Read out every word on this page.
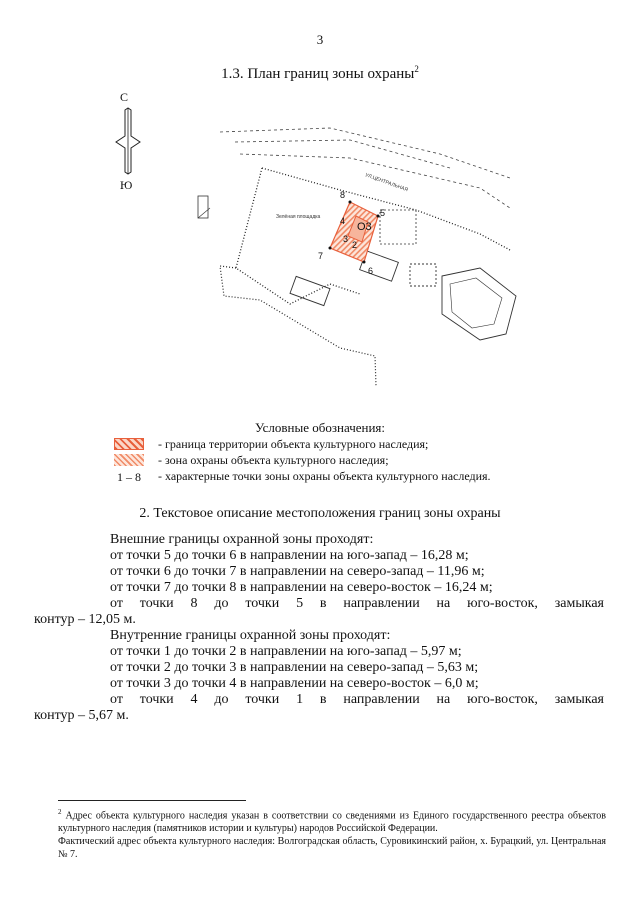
3
1.3. План границ зоны охраны$^2$
С
Ю	УЛ.ЦЕНТРАЛЬНАЯ
Зелёная площадка
О3
8
5
4
3
2
7
6
Условные обозначения:
- граница территории объекта культурного наследия;
- зона охраны объекта культурного наследия;
1 – 8 - характерные точки зоны охраны объекта культурного наследия.
2. Текстовое описание местоположения границ зоны охраны

Внешние границы охранной зоны проходят:

от точки 5 до точки 6 в направлении на юго-запад – 16,28 м;

от точки 6 до точки 7 в направлении на северо-запад – 11,96 м;

от точки 7 до точки 8 в направлении на северо-восток – 16,24 м;

от точки 8 до точки 5 в направлении на юго-восток, замыкая

контур – 12,05 м.

Внутренние границы охранной зоны проходят:

от точки 1 до точки 2 в направлении на юго-запад – 5,97 м;

от точки 2 до точки 3 в направлении на северо-запад – 5,63 м;

от точки 3 до точки 4 в направлении на северо-восток – 6,0 м;

от точки 4 до точки 1 в направлении на юго-восток, замыкая

контур – 5,67 м.

$^2$ Адрес объекта культурного наследия указан в соответствии со сведениями из Единого государственного реестра объектов культурного наследия (памятников истории и культуры) народов Российской Федерации.

Фактический адрес объекта культурного наследия: Волгоградская область, Суровикинский район, х. Бурацкий, ул. Центральная № 7.
